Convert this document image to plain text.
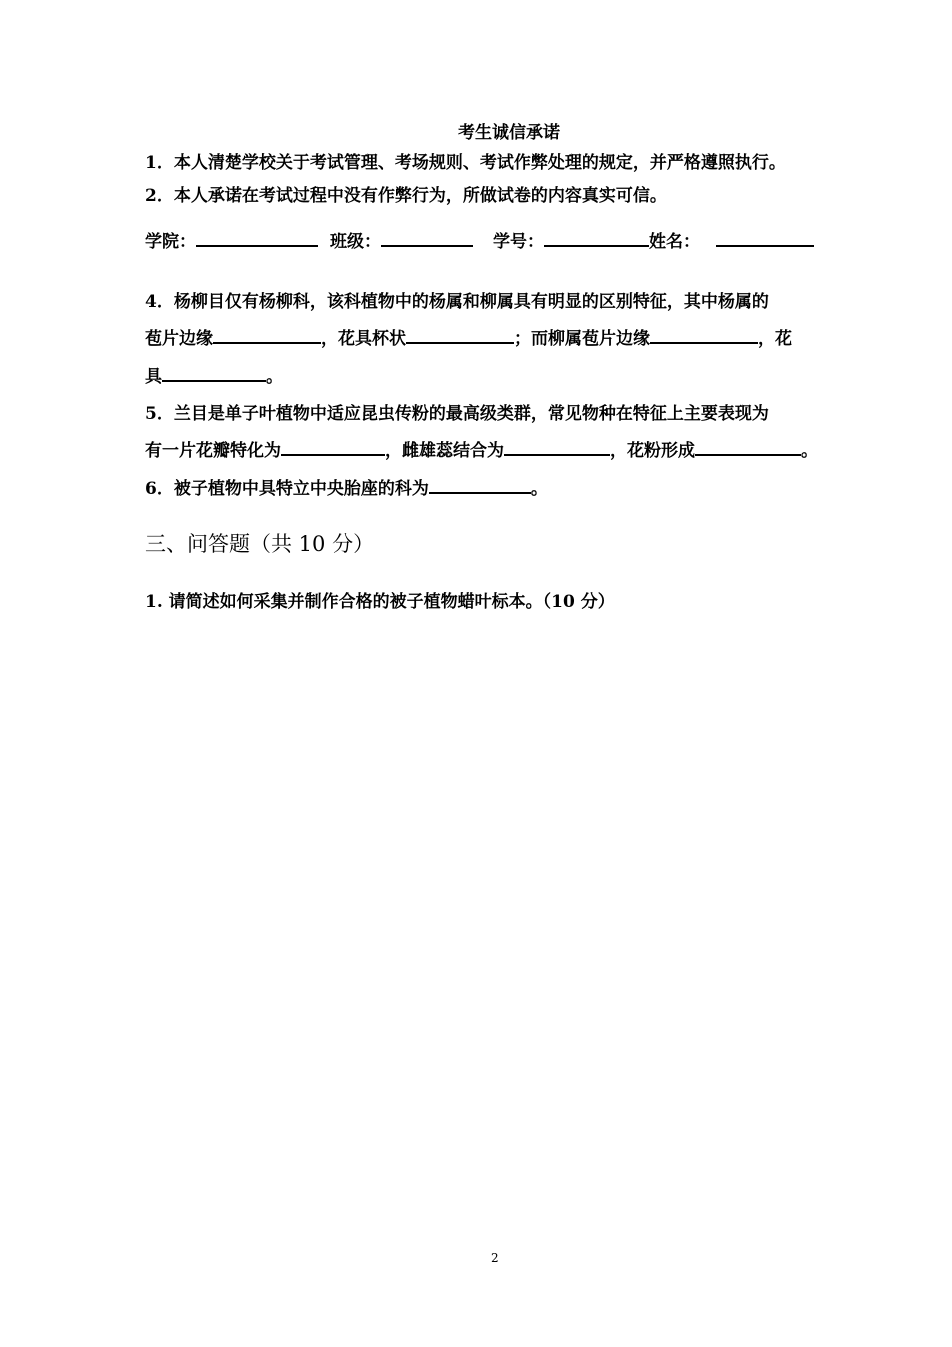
考生诚信承诺
1．本人清楚学校关于考试管理、考场规则、考试作弊处理的规定，并严格遵照执行。
2．本人承诺在考试过程中没有作弊行为，所做试卷的内容真实可信。
学院：	班级：	学号：	姓名：
4．杨柳目仅有杨柳科，该科植物中的杨属和柳属具有明显的区别特征，其中杨属的
苞片边缘	，花具杯状	；而柳属苞片边缘	，花
具	。
5．兰目是单子叶植物中适应昆虫传粉的最高级类群，常见物种在特征上主要表现为
有一片花瓣特化为	，雌雄蕊结合为	，花粉形成	。
6．被子植物中具特立中央胎座的科为	。
三、问答题（共 10 分）
1. 请简述如何采集并制作合格的被子植物蜡叶标本。（10 分）
2
